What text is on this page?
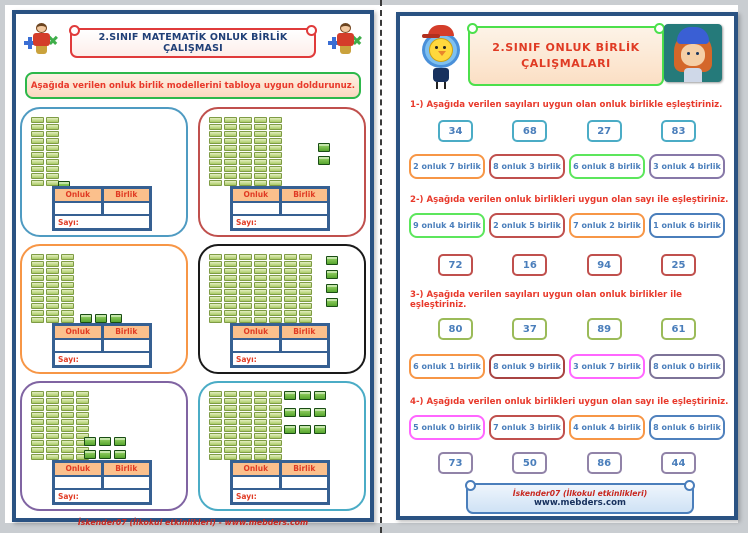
2.SINIF MATEMATİK ONLUK BİRLİK ÇALIŞMASI
Aşağıda verilen onluk birlik modellerini tabloya uygun doldurunuz.
Onluk	Birlik
Sayı:
Onluk	Birlik
Sayı:
Onluk	Birlik
Sayı:
Onluk	Birlik
Sayı:
Onluk	Birlik
Sayı:
Onluk	Birlik
Sayı:
İskender07 (İlkokul etkinlikleri) - www.mebders.com
2.SINIF ONLUK BİRLİK
ÇALIŞMALARI
1-) Aşağıda verilen sayıları uygun olan onluk birlikle eşleştiriniz.
34	68	27	83
2 onluk 7 birlik	8 onluk 3 birlik	6 onluk 8 birlik	3 onluk 4 birlik
2-) Aşağıda verilen onluk birlikleri uygun olan sayı ile eşleştiriniz.
9 onluk 4 birlik	2 onluk 5 birlik	7 onluk 2 birlik	1 onluk 6 birlik
72	16	94	25
3-) Aşağıda verilen sayıları uygun olan onluk birlikler ile eşleştiriniz.
80	37	89	61
6 onluk 1 birlik	8 onluk 9 birlik	3 onluk 7 birlik	8 onluk 0 birlik
4-) Aşağıda verilen onluk birlikleri uygun olan sayı ile eşleştiriniz.
5 onluk 0 birlik	7 onluk 3 birlik	4 onluk 4 birlik	8 onluk 6 birlik
73	50	86	44
İskender07 (İlkokul etkinlikleri)
www.mebders.com
